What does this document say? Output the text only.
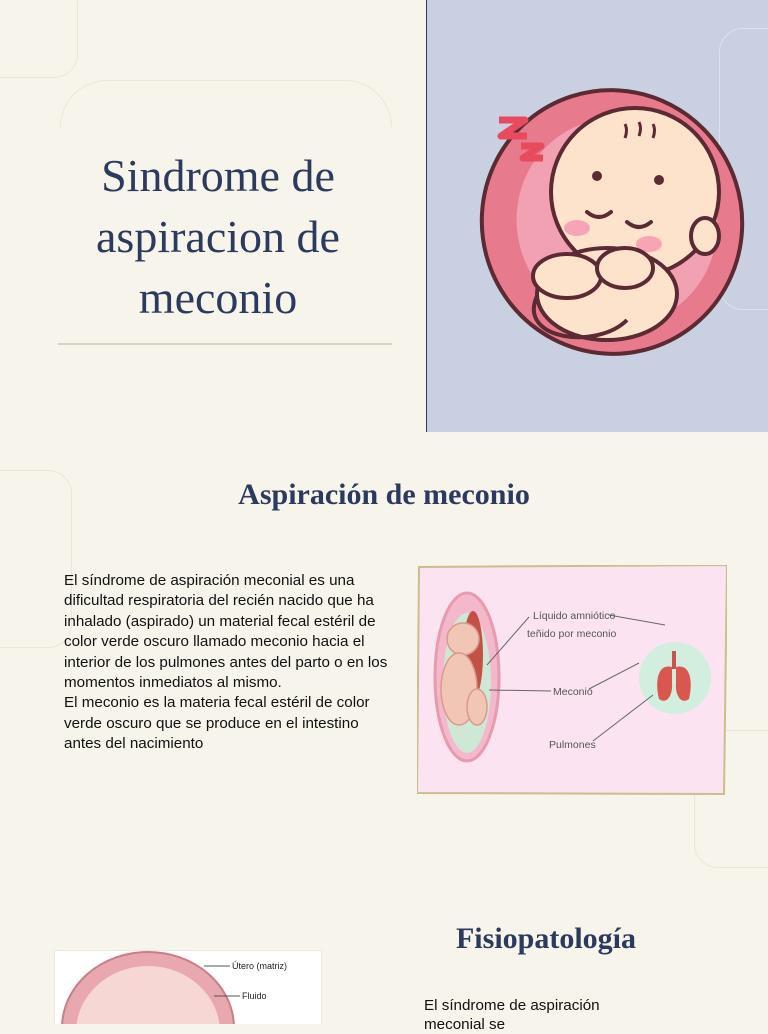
Sindrome de
aspiracion de
meconio
Aspiración de meconio

El síndrome de aspiración meconial es una dificultad respiratoria del recién nacido que ha inhalado (aspirado) un material fecal estéril de color verde oscuro llamado meconio hacia el interior de los pulmones antes del parto o en los momentos inmediatos al mismo.

El meconio es la materia fecal estéril de color verde oscuro que se produce en el intestino antes del nacimiento

Líquido amniótico
teñido por meconio
Meconio
Pulmones
Útero (matriz)
Fluido
Fisiopatología
El síndrome de aspiración meconial se
